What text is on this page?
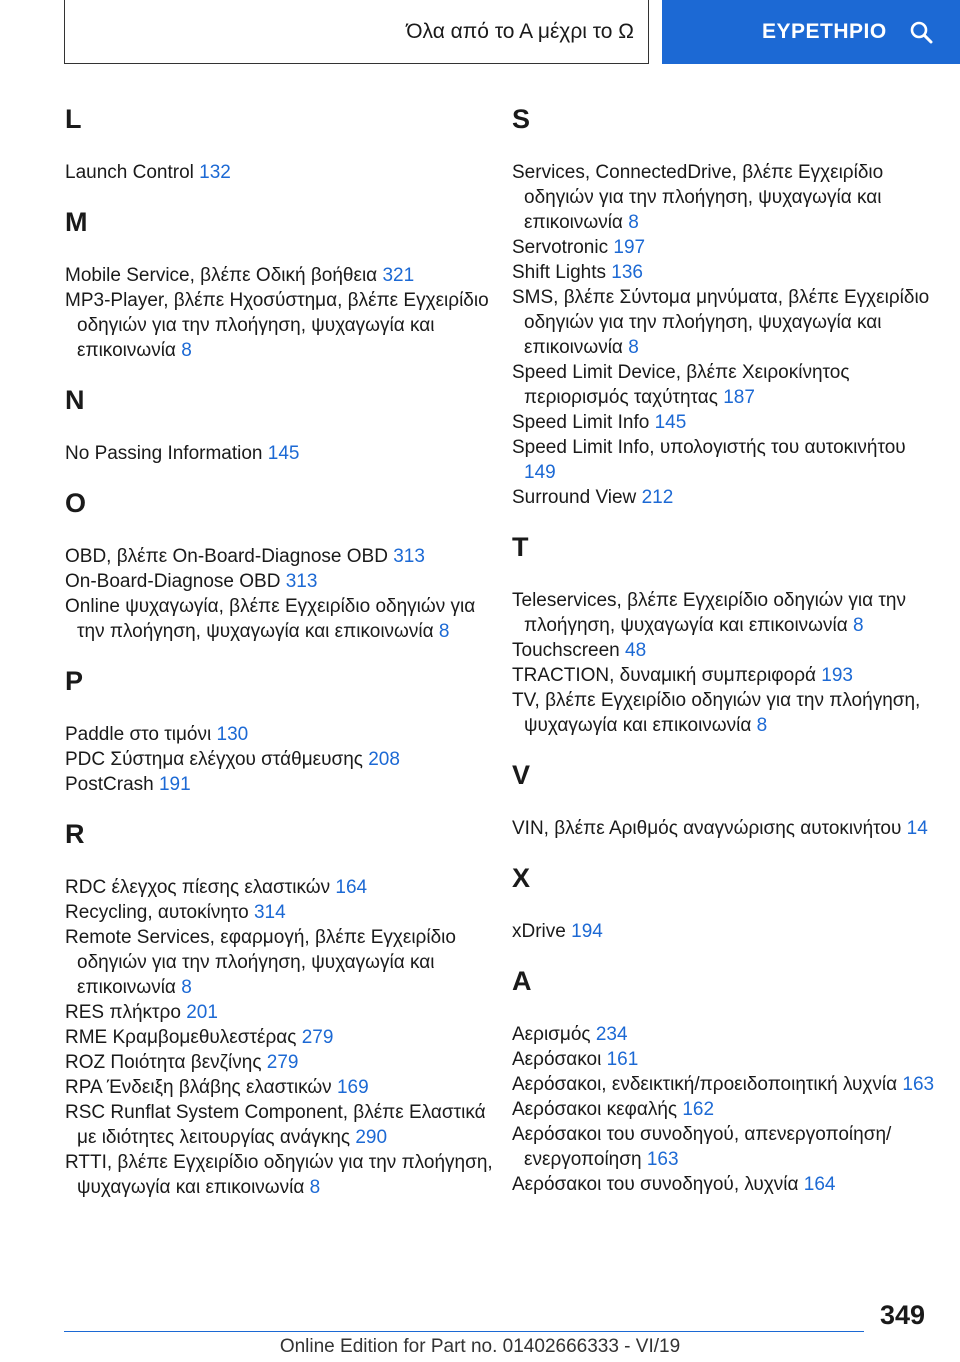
Όλα από το Α μέχρι το Ω	ΕΥΡΕΤΗΡΙΟ
L
Launch Control 132
M
Mobile Service, βλέπε Οδική βοήθεια 321
MP3-Player, βλέπε Ηχοσύστημα, βλέπε Εγχειρίδιο οδηγιών για την πλοήγηση, ψυχαγωγία και επικοινωνία 8
N
No Passing Information 145
O
OBD, βλέπε On-Board-Diagnose OBD 313
On-Board-Diagnose OBD 313
Online ψυχαγωγία, βλέπε Εγχειρίδιο οδηγιών για την πλοήγηση, ψυχαγωγία και επικοινωνία 8
P
Paddle στο τιμόνι 130
PDC Σύστημα ελέγχου στάθμευσης 208
PostCrash 191
R
RDC έλεγχος πίεσης ελαστικών 164
Recycling, αυτοκίνητο 314
Remote Services, εφαρμογή, βλέπε Εγχειρίδιο οδηγιών για την πλοήγηση, ψυχαγωγία και επικοινωνία 8
RES πλήκτρο 201
RME Κραμβομεθυλεστέρας 279
ROZ Ποιότητα βενζίνης 279
RPA Ένδειξη βλάβης ελαστικών 169
RSC Runflat System Component, βλέπε Ελαστικά με ιδιότητες λειτουργίας ανάγκης 290
RTTI, βλέπε Εγχειρίδιο οδηγιών για την πλοήγηση, ψυχαγωγία και επικοινωνία 8
S
Services, ConnectedDrive, βλέπε Εγχειρίδιο οδηγιών για την πλοήγηση, ψυχαγωγία και επικοινωνία 8
Servotronic 197
Shift Lights 136
SMS, βλέπε Σύντομα μηνύματα, βλέπε Εγχειρίδιο οδηγιών για την πλοήγηση, ψυχαγωγία και επικοινωνία 8
Speed Limit Device, βλέπε Χειροκίνητος περιορισμός ταχύτητας 187
Speed Limit Info 145
Speed Limit Info, υπολογιστής του αυτοκινήτου 149
Surround View 212
T
Teleservices, βλέπε Εγχειρίδιο οδηγιών για την πλοήγηση, ψυχαγωγία και επικοινωνία 8
Touchscreen 48
TRACTION, δυναμική συμπεριφορά 193
TV, βλέπε Εγχειρίδιο οδηγιών για την πλοήγηση, ψυχαγωγία και επικοινωνία 8
V
VIN, βλέπε Αριθμός αναγνώρισης αυτοκινήτου 14
X
xDrive 194
A
Αερισμός 234
Αερόσακοι 161
Αερόσακοι, ενδεικτική/προειδοποιητική λυχνία 163
Αερόσακοι κεφαλής 162
Αερόσακοι του συνοδηγού, απενεργοποίηση/ενεργοποίηση 163
Αερόσακοι του συνοδηγού, λυχνία 164
349
Online Edition for Part no. 01402666333 - VI/19
